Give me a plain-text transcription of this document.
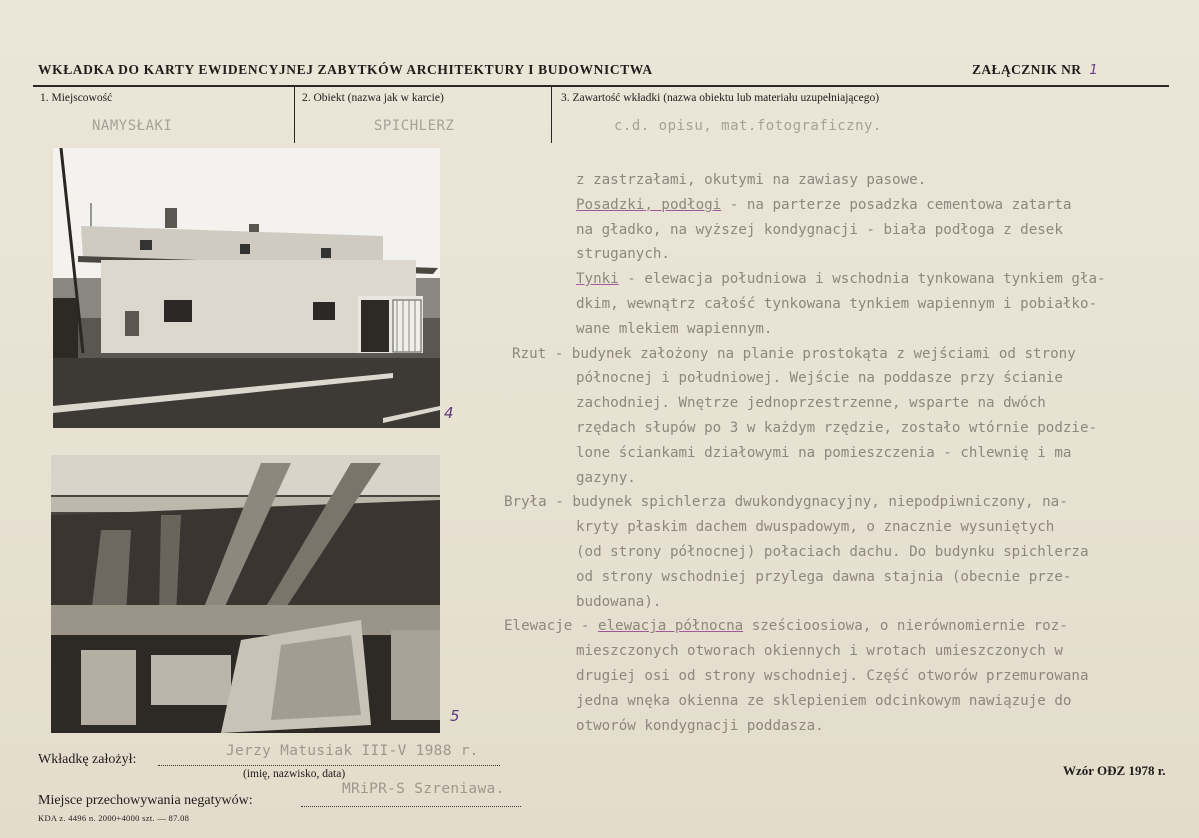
WKŁADKA DO KARTY EWIDENCYJNEJ ZABYTKÓW ARCHITEKTURY I BUDOWNICTWA	ZAŁĄCZNIK NR 1
1. Miejscowość
NAMYSŁAKI
2. Obiekt (nazwa jak w karcie)
SPICHLERZ
3. Zawartość wkładki (nazwa obiektu lub materiału uzupełniającego)
c.d. opisu, mat.fotograficzny.
4
5
z zastrzałami, okutymi na zawiasy pasowe.
Posadzki, podłogi - na parterze posadzka cementowa zatarta
na gładko, na wyższej kondygnacji - biała podłoga z desek
struganych.
Tynki - elewacja południowa i wschodnia tynkowana tynkiem gła-
dkim, wewnątrz całość tynkowana tynkiem wapiennym i pobiałko-
wane mlekiem wapiennym.
Rzut - budynek założony na planie prostokąta z wejściami od strony
północnej i południowej. Wejście na poddasze przy ścianie
zachodniej. Wnętrze jednoprzestrzenne, wsparte na dwóch
rzędach słupów po 3 w każdym rzędzie, zostało wtórnie podzie-
lone ściankami działowymi na pomieszczenia - chlewnię i ma
gazyny.
Bryła - budynek spichlerza dwukondygnacyjny, niepodpiwniczony, na-
kryty płaskim dachem dwuspadowym, o znacznie wysuniętych
(od strony północnej) połaciach dachu. Do budynku spichlerza
od strony wschodniej przylega dawna stajnia (obecnie prze-
budowana).
Elewacje - elewacja północna sześcioosiowa, o nierównomiernie roz-
mieszczonych otworach okiennych i wrotach umieszczonych w
drugiej osi od strony wschodniej. Część otworów przemurowana
jedna wnęka okienna ze sklepieniem odcinkowym nawiązuje do
otworów kondygnacji poddasza.
Wkładkę założył:
Jerzy Matusiak III-V 1988 r.
(imię, nazwisko, data)
Miejsce przechowywania negatywów:
MRiPR-S Szreniawa.
Wzór OĐZ 1978 r.
KDA z. 4496 n. 2000+4000 szt. — 87.08
